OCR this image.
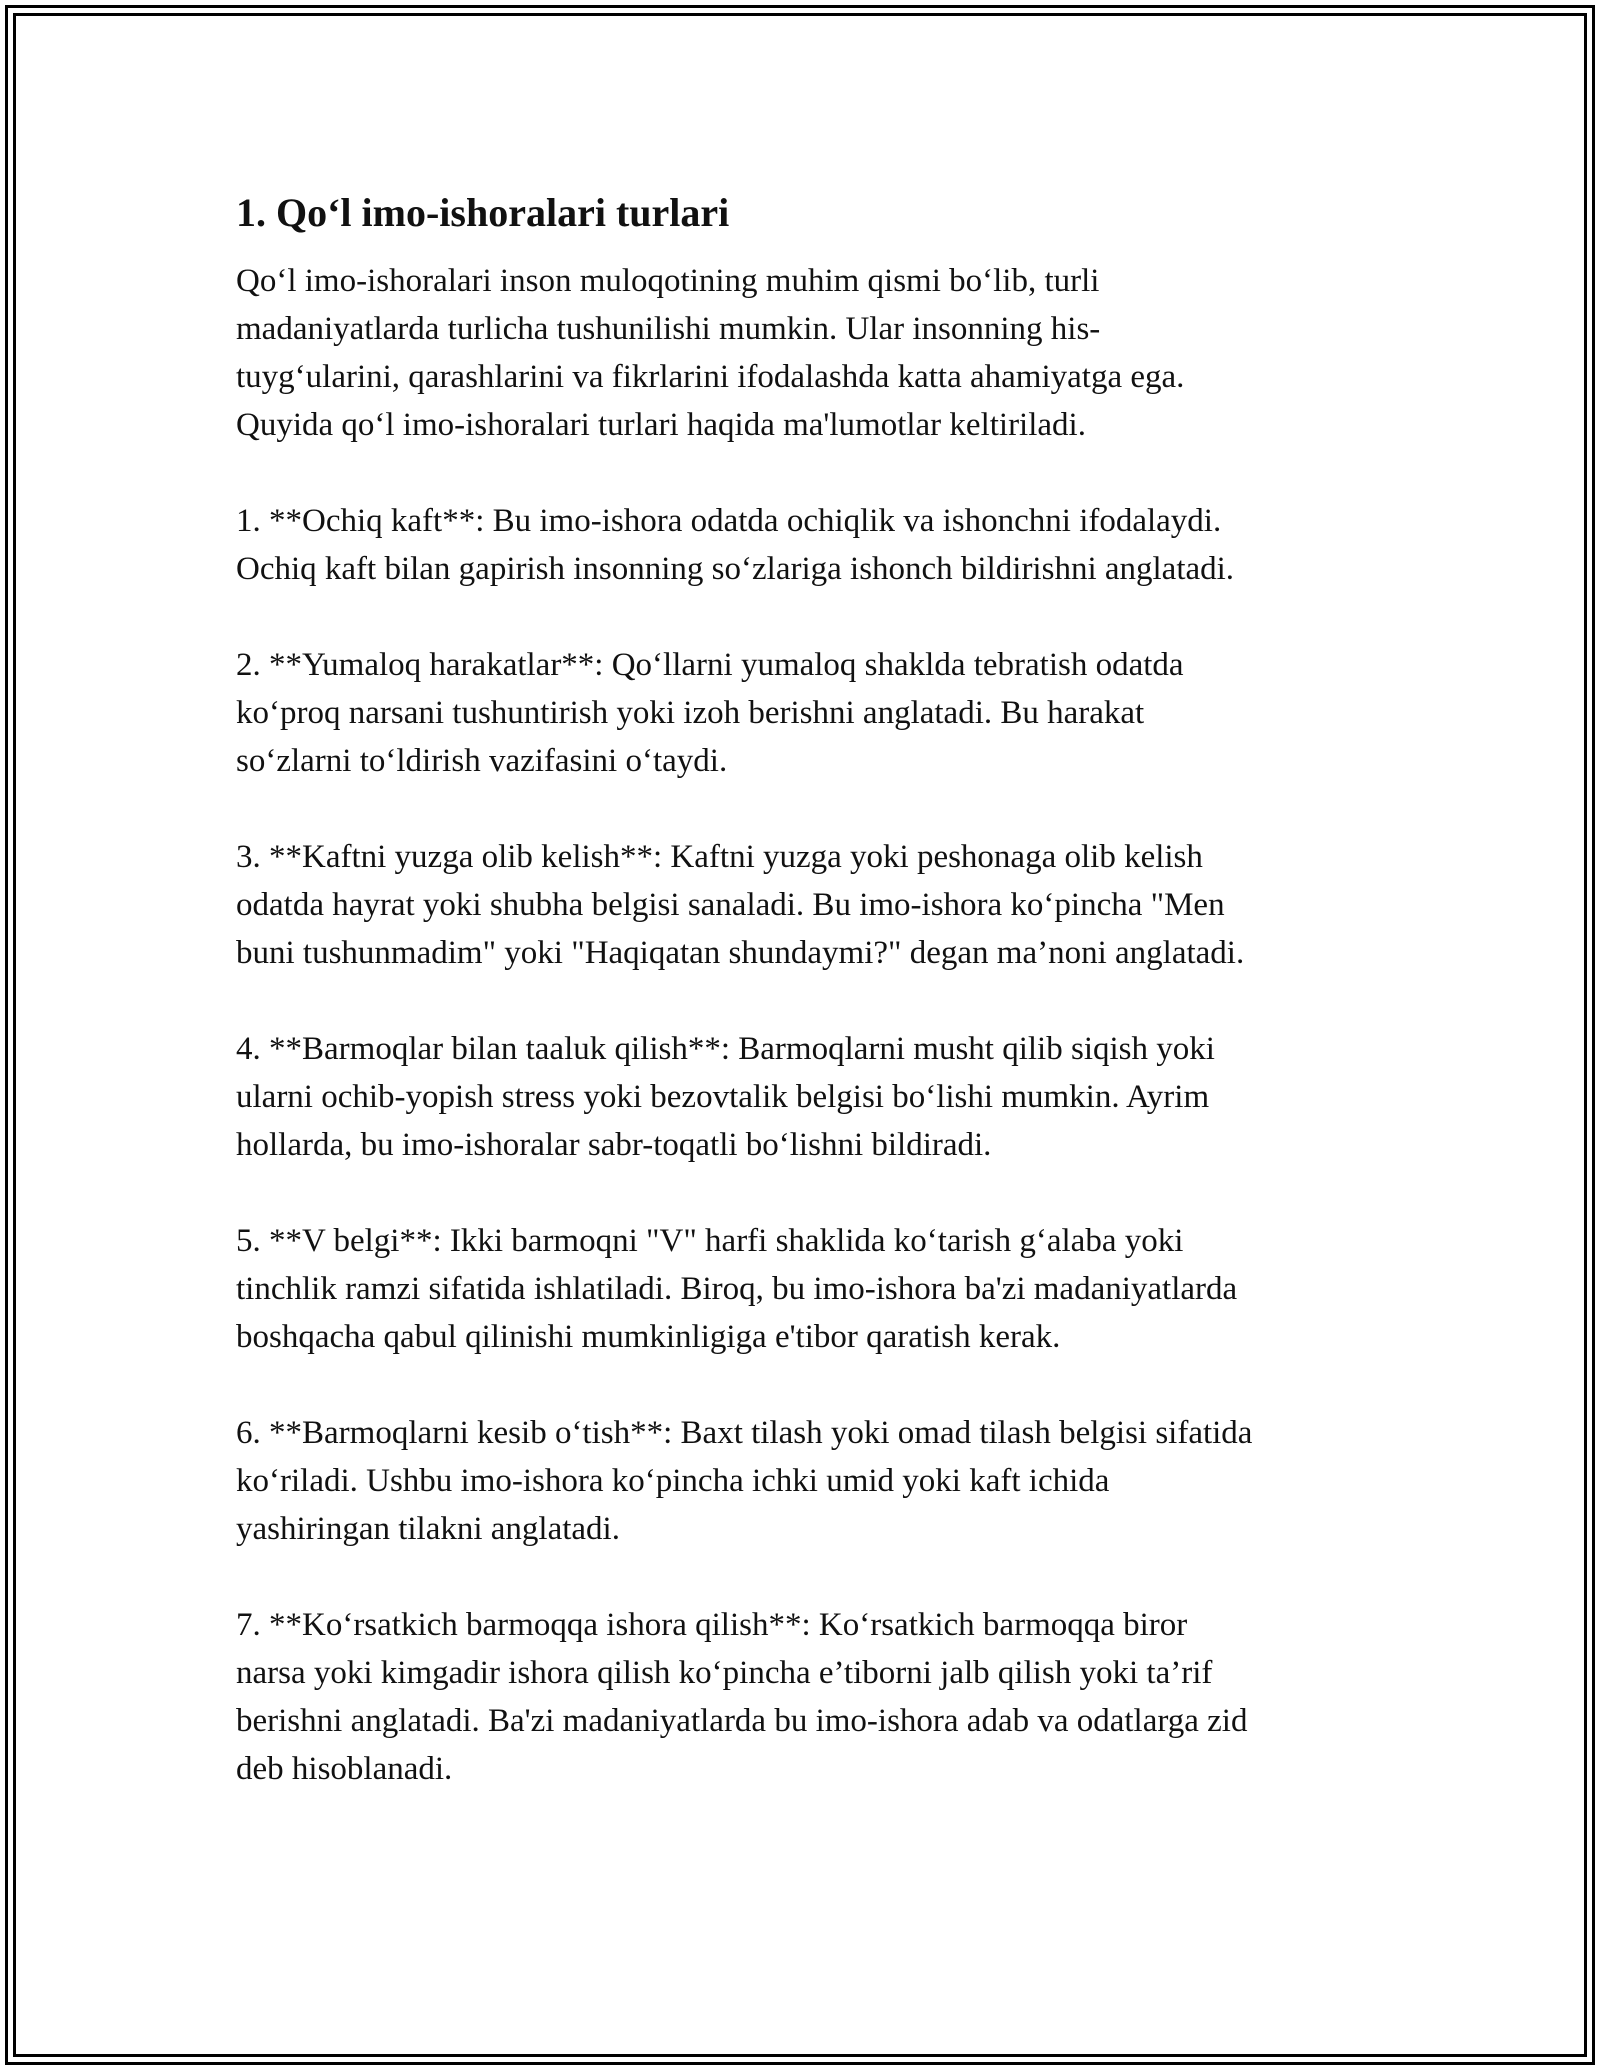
1. Qo‘l imo-ishoralari turlari

Qo‘l imo-ishoralari inson muloqotining muhim qismi bo‘lib, turli
madaniyatlarda turlicha tushunilishi mumkin. Ular insonning his-
tuyg‘ularini, qarashlarini va fikrlarini ifodalashda katta ahamiyatga ega.
Quyida qo‘l imo-ishoralari turlari haqida ma'lumotlar keltiriladi.

1. **Ochiq kaft**: Bu imo-ishora odatda ochiqlik va ishonchni ifodalaydi.
Ochiq kaft bilan gapirish insonning so‘zlariga ishonch bildirishni anglatadi.

2. **Yumaloq harakatlar**: Qo‘llarni yumaloq shaklda tebratish odatda
ko‘proq narsani tushuntirish yoki izoh berishni anglatadi. Bu harakat
so‘zlarni to‘ldirish vazifasini o‘taydi.

3. **Kaftni yuzga olib kelish**: Kaftni yuzga yoki peshonaga olib kelish
odatda hayrat yoki shubha belgisi sanaladi. Bu imo-ishora ko‘pincha "Men
buni tushunmadim" yoki "Haqiqatan shundaymi?" degan ma’noni anglatadi.

4. **Barmoqlar bilan taaluk qilish**: Barmoqlarni musht qilib siqish yoki
ularni ochib-yopish stress yoki bezovtalik belgisi bo‘lishi mumkin. Ayrim
hollarda, bu imo-ishoralar sabr-toqatli bo‘lishni bildiradi.

5. **V belgi**: Ikki barmoqni "V" harfi shaklida ko‘tarish g‘alaba yoki
tinchlik ramzi sifatida ishlatiladi. Biroq, bu imo-ishora ba'zi madaniyatlarda
boshqacha qabul qilinishi mumkinligiga e'tibor qaratish kerak.

6. **Barmoqlarni kesib o‘tish**: Baxt tilash yoki omad tilash belgisi sifatida
ko‘riladi. Ushbu imo-ishora ko‘pincha ichki umid yoki kaft ichida
yashiringan tilakni anglatadi.

7. **Ko‘rsatkich barmoqqa ishora qilish**: Ko‘rsatkich barmoqqa biror
narsa yoki kimgadir ishora qilish ko‘pincha e’tiborni jalb qilish yoki ta’rif
berishni anglatadi. Ba'zi madaniyatlarda bu imo-ishora adab va odatlarga zid
deb hisoblanadi.
